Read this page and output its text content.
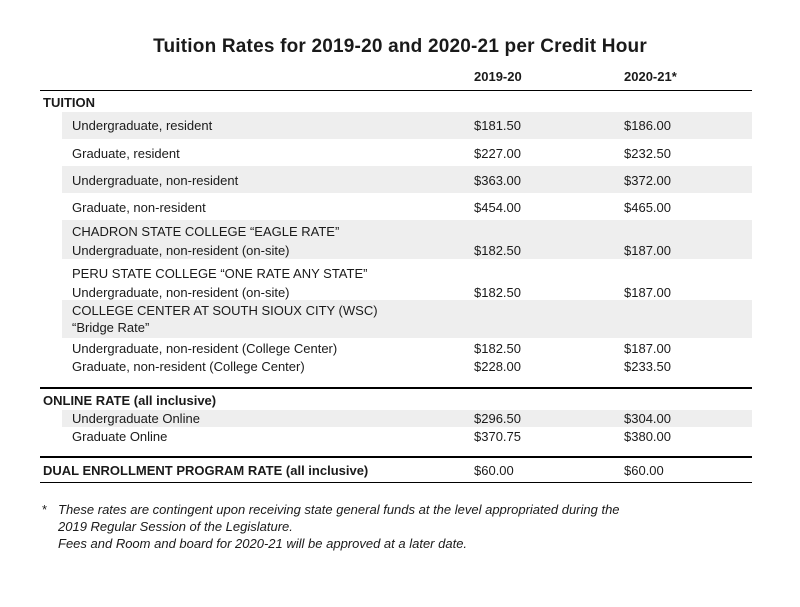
Tuition Rates for 2019-20 and 2020-21 per Credit Hour
2019-20	2020-21*
TUITION
Undergraduate, resident	$181.50	$186.00
Graduate, resident	$227.00	$232.50
Undergraduate, non-resident	$363.00	$372.00
Graduate, non-resident	$454.00	$465.00
CHADRON STATE COLLEGE “EAGLE RATE”
Undergraduate, non-resident (on-site)	$182.50	$187.00
PERU STATE COLLEGE “ONE RATE ANY STATE”
Undergraduate, non-resident (on-site)	$182.50	$187.00
COLLEGE CENTER AT SOUTH SIOUX CITY (WSC)
“Bridge Rate”
Undergraduate, non-resident (College Center)	$182.50	$187.00
Graduate, non-resident (College Center)	$228.00	$233.50
ONLINE RATE (all inclusive)
Undergraduate Online	$296.50	$304.00
Graduate Online	$370.75	$380.00
DUAL ENROLLMENT PROGRAM RATE (all inclusive)	$60.00	$60.00
* These rates are contingent upon receiving state general funds at the level appropriated during the
2019 Regular Session of the Legislature.
Fees and Room and board for 2020-21 will be approved at a later date.
